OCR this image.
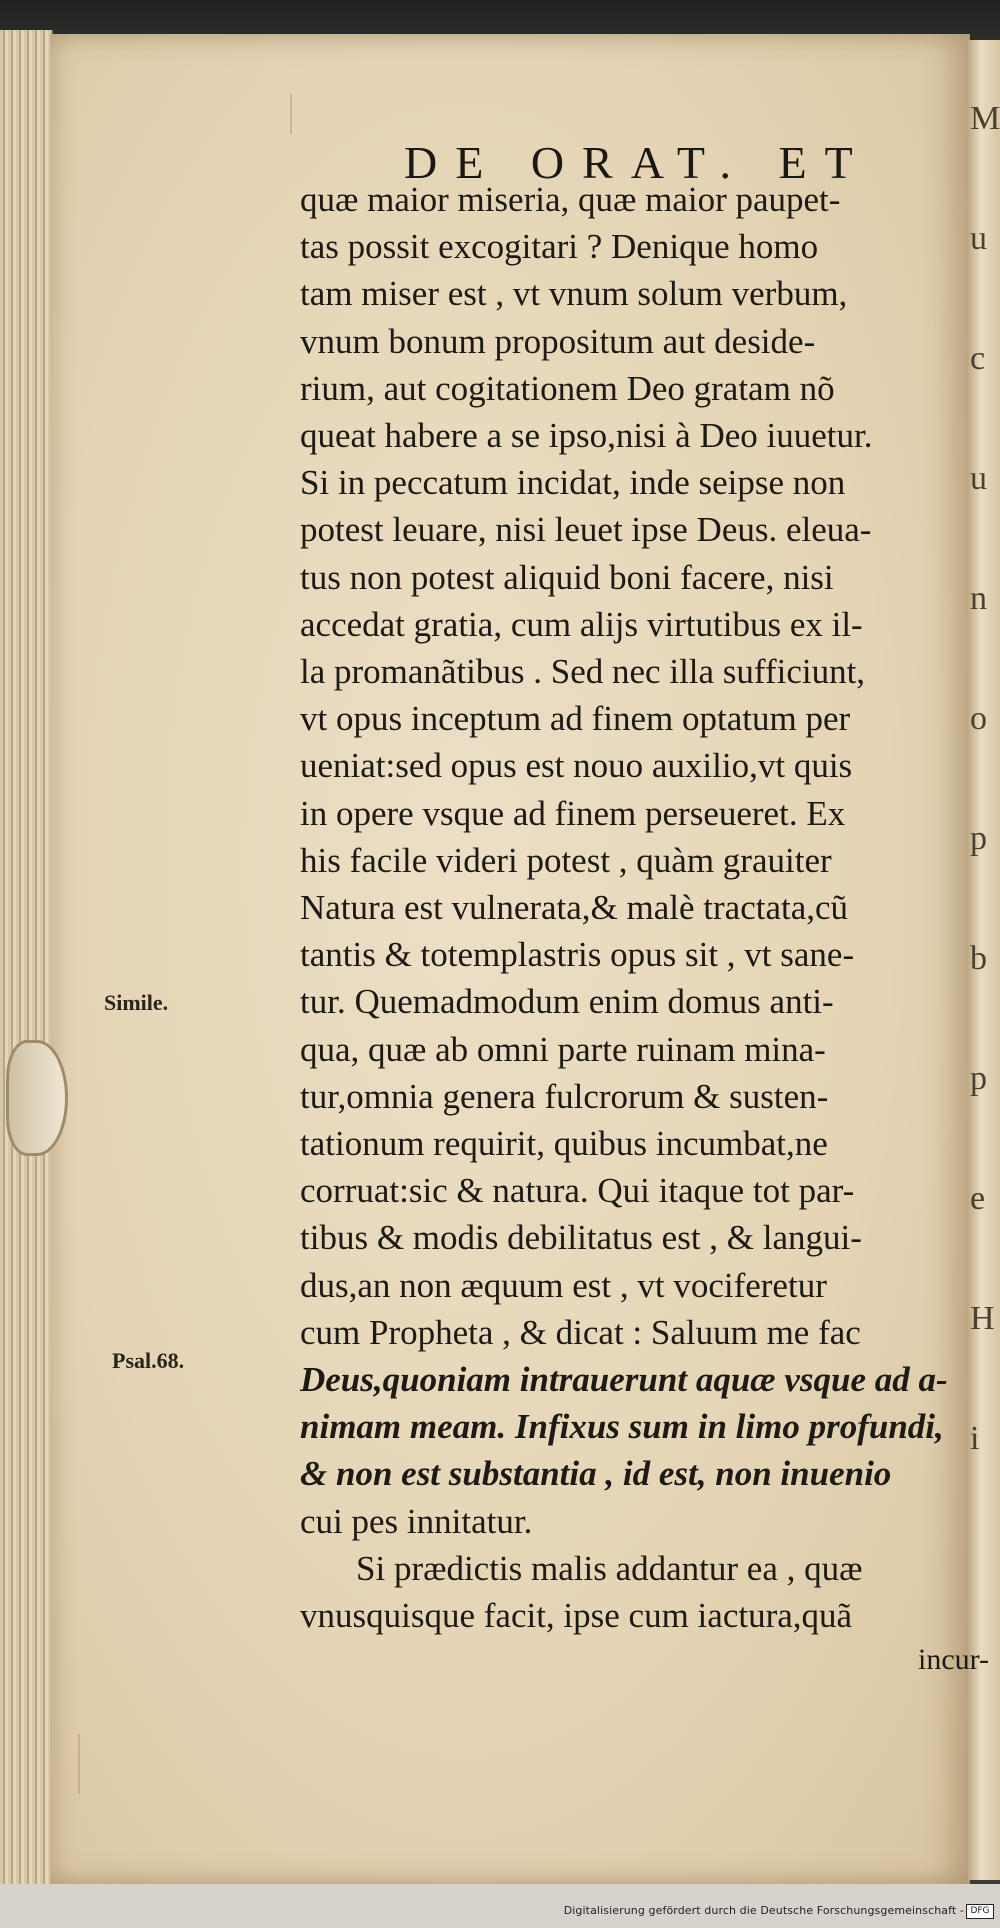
M
u
c
u
n
o
p
b
p
e
H
i
DE ORAT. ET
Simile.
Psal.68.
Digitalisierung gefördert durch die Deutsche Forschungsgemeinschaft - DFG
quæ maior miseria, quæ maior paupet-
tas possit excogitari ? Denique homo
tam miser est , vt vnum solum verbum,
vnum bonum propositum aut deside-
rium, aut cogitationem Deo gratam nõ
queat habere a se ipso,nisi à Deo iuuetur.
Si in peccatum incidat, inde seipse non
potest leuare, nisi leuet ipse Deus. eleua-
tus non potest aliquid boni facere, nisi
accedat gratia, cum alijs virtutibus ex il-
la promanãtibus . Sed nec illa sufficiunt,
vt opus inceptum ad finem optatum per
ueniat:sed opus est nouo auxilio,vt quis
in opere vsque ad finem perseueret. Ex
his facile videri potest , quàm grauiter
Natura est vulnerata,& malè tractata,cũ
tantis & totemplastris opus sit , vt sane-
tur. Quemadmodum enim domus anti-
qua, quæ ab omni parte ruinam mina-
tur,omnia genera fulcrorum & susten-
tationum requirit, quibus incumbat,ne
corruat:sic & natura. Qui itaque tot par-
tibus & modis debilitatus est , & langui-
dus,an non æquum est , vt vociferetur
cum Propheta , & dicat : Saluum me fac
Deus,quoniam intrauerunt aquæ vsque ad a-
nimam meam. Infixus sum in limo profundi,
& non est substantia , id est, non inuenio
cui pes innitatur.
Si prædictis malis addantur ea , quæ
vnusquisque facit, ipse cum iactura,quã
incur-
